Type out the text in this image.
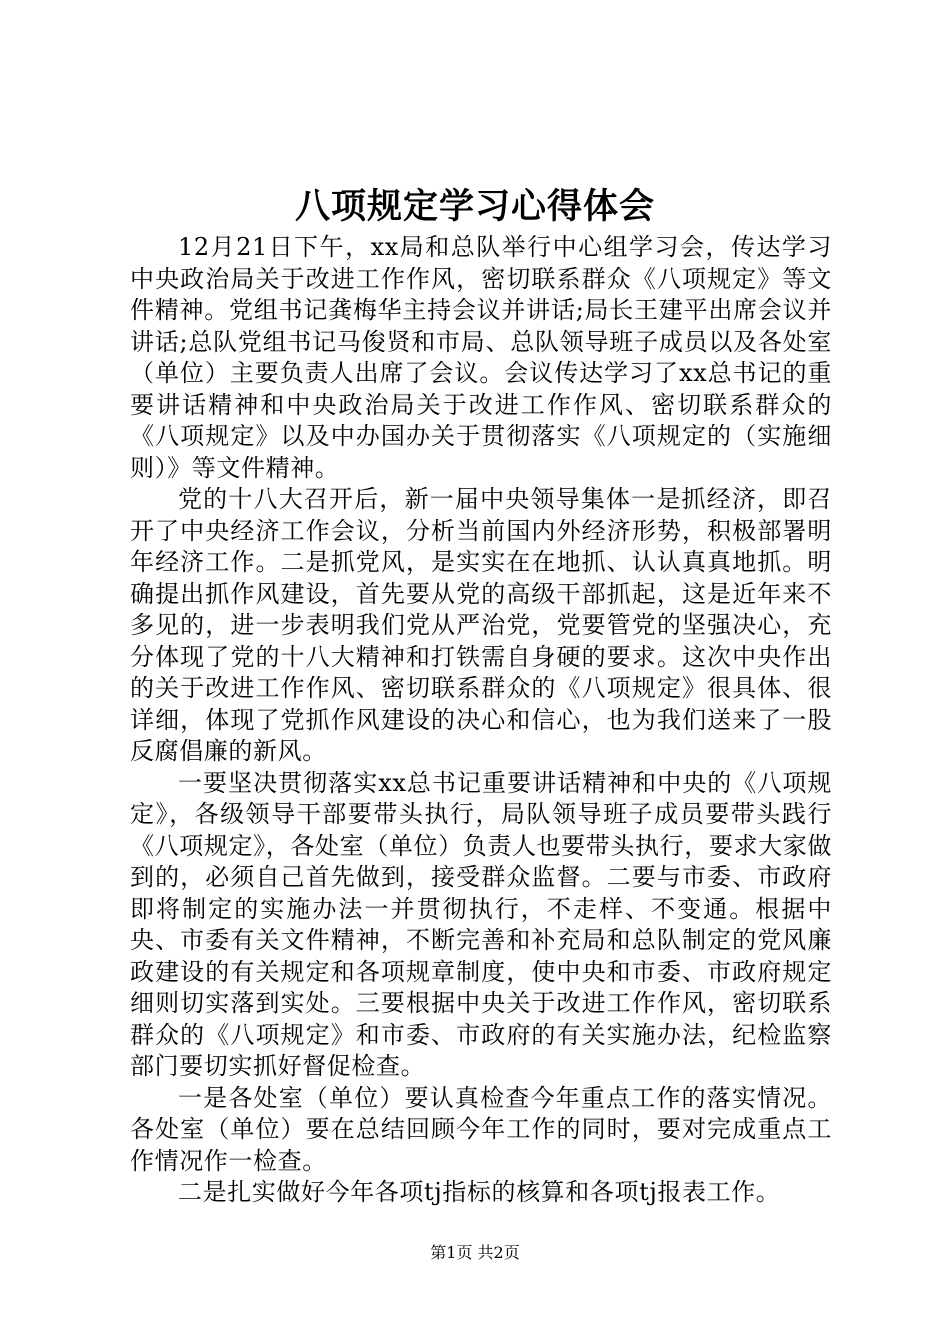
八项规定学习心得体会

12月21日下午，xx局和总队举行中心组学习会，传达学习中央政治局关于改进工作作风，密切联系群众《八项规定》等文件精神。党组书记龚梅华主持会议并讲话;局长王建平出席会议并讲话;总队党组书记马俊贤和市局、总队领导班子成员以及各处室（单位）主要负责人出席了会议。会议传达学习了xx总书记的重要讲话精神和中央政治局关于改进工作作风、密切联系群众的《八项规定》以及中办国办关于贯彻落实《八项规定的（实施细则）》等文件精神。

党的十八大召开后，新一届中央领导集体一是抓经济，即召开了中央经济工作会议，分析当前国内外经济形势，积极部署明年经济工作。二是抓党风，是实实在在地抓、认认真真地抓。明确提出抓作风建设，首先要从党的高级干部抓起，这是近年来不多见的，进一步表明我们党从严治党，党要管党的坚强决心，充分体现了党的十八大精神和打铁需自身硬的要求。这次中央作出的关于改进工作作风、密切联系群众的《八项规定》很具体、很详细，体现了党抓作风建设的决心和信心，也为我们送来了一股反腐倡廉的新风。

一要坚决贯彻落实xx总书记重要讲话精神和中央的《八项规定》，各级领导干部要带头执行，局队领导班子成员要带头践行《八项规定》，各处室（单位）负责人也要带头执行，要求大家做到的，必须自己首先做到，接受群众监督。二要与市委、市政府即将制定的实施办法一并贯彻执行，不走样、不变通。根据中央、市委有关文件精神，不断完善和补充局和总队制定的党风廉政建设的有关规定和各项规章制度，使中央和市委、市政府规定细则切实落到实处。三要根据中央关于改进工作作风，密切联系群众的《八项规定》和市委、市政府的有关实施办法，纪检监察部门要切实抓好督促检查。

一是各处室（单位）要认真检查今年重点工作的落实情况。各处室（单位）要在总结回顾今年工作的同时，要对完成重点工作情况作一检查。

二是扎实做好今年各项tj指标的核算和各项tj报表工作。

第1页 共2页
